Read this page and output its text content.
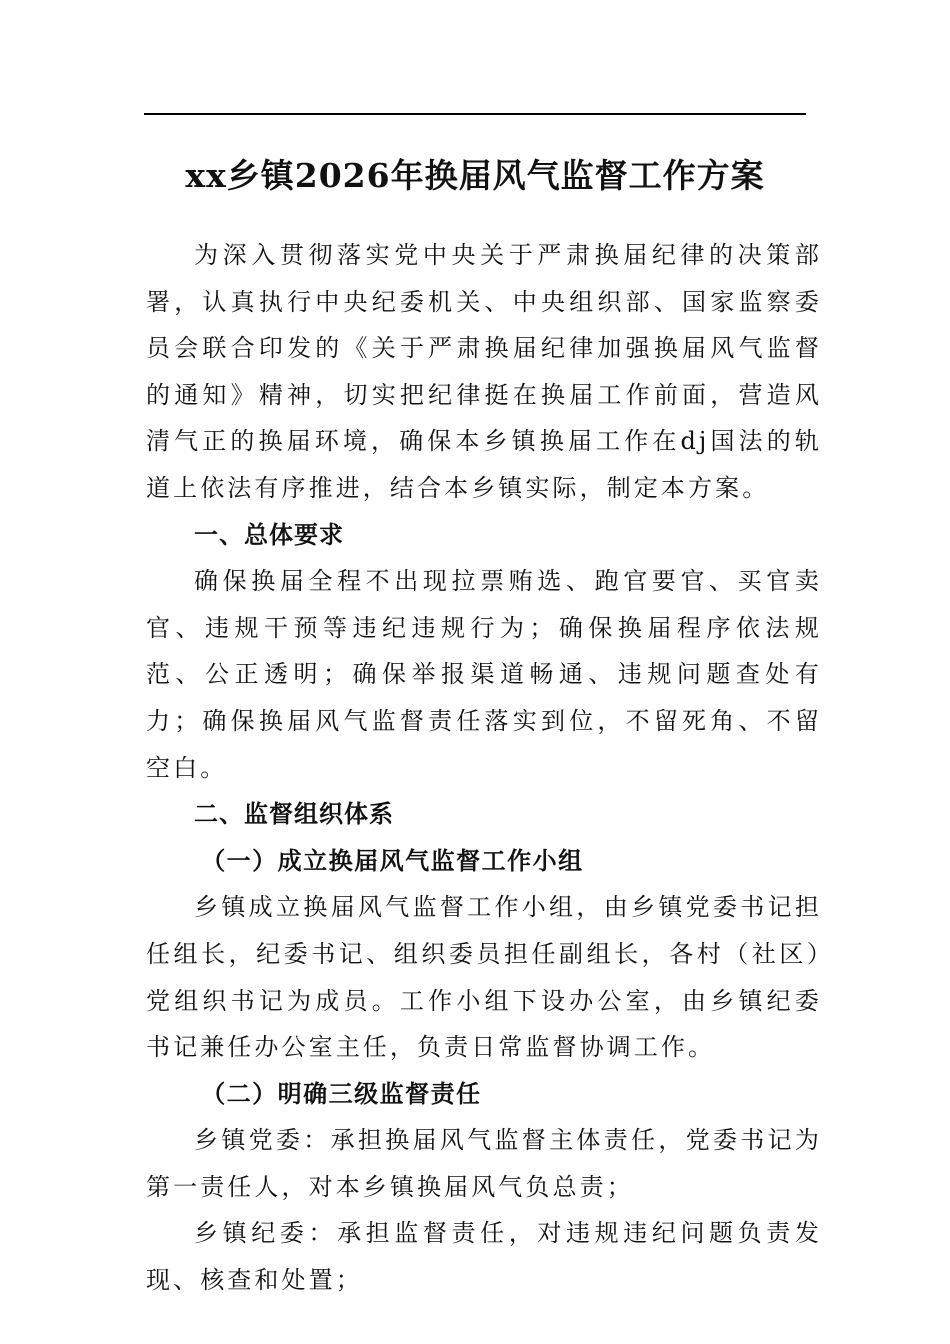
xx乡镇2026年换届风气监督工作方案

为深入贯彻落实党中央关于严肃换届纪律的决策部署，认真执行中央纪委机关、中央组织部、国家监察委员会联合印发的《关于严肃换届纪律加强换届风气监督的通知》精神，切实把纪律挺在换届工作前面，营造风清气正的换届环境，确保本乡镇换届工作在dj国法的轨道上依法有序推进，结合本乡镇实际，制定本方案。

一、总体要求

确保换届全程不出现拉票贿选、跑官要官、买官卖官、违规干预等违纪违规行为；确保换届程序依法规范、公正透明；确保举报渠道畅通、违规问题查处有力；确保换届风气监督责任落实到位，不留死角、不留空白。

二、监督组织体系

（一）成立换届风气监督工作小组

乡镇成立换届风气监督工作小组，由乡镇党委书记担任组长，纪委书记、组织委员担任副组长，各村（社区）党组织书记为成员。工作小组下设办公室，由乡镇纪委书记兼任办公室主任，负责日常监督协调工作。

（二）明确三级监督责任

乡镇党委：承担换届风气监督主体责任，党委书记为第一责任人，对本乡镇换届风气负总责；

乡镇纪委：承担监督责任，对违规违纪问题负责发现、核查和处置；
